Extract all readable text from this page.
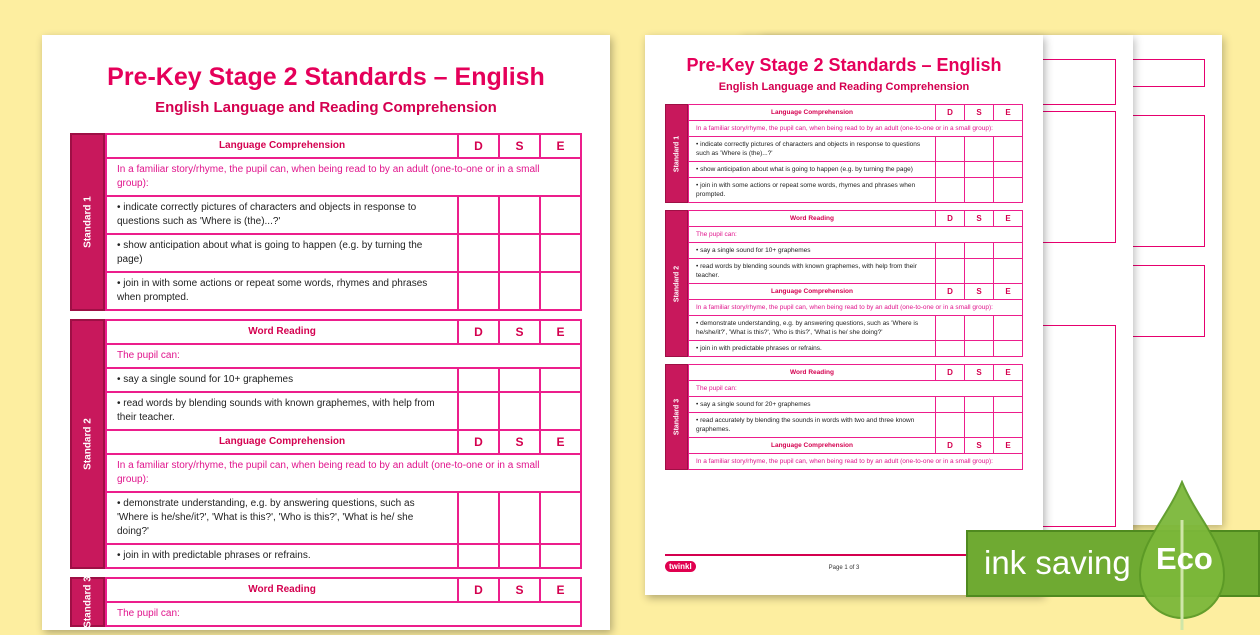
Pre-Key Stage 2 Standards – English
English Language and Reading Comprehension
Standard 1
Language Comprehension	D	S	E
In a familiar story/rhyme, the pupil can, when being read to by an adult (one-to-one or in a small group):
• indicate correctly pictures of characters and objects in response to questions such as 'Where is (the)...?'
• show anticipation about what is going to happen (e.g. by turning the page)
• join in with some actions or repeat some words, rhymes and phrases when prompted.
Standard 2
Word Reading	D	S	E
The pupil can:
• say a single sound for 10+ graphemes
• read words by blending sounds with known graphemes, with help from their teacher.
Language Comprehension	D	S	E
In a familiar story/rhyme, the pupil can, when being read to by an adult (one-to-one or in a small group):
• demonstrate understanding, e.g. by answering questions, such as 'Where is he/she/it?', 'What is this?', 'Who is this?', 'What is he/ she doing?'
• join in with predictable phrases or refrains.
Standard 3	Word Reading	D	S	E
The pupil can:
Pre-Key Stage 2 Standards – English
English Language and Reading Comprehension
Standard 1
Language Comprehension	D	S	E
In a familiar story/rhyme, the pupil can, when being read to by an adult (one-to-one or in a small group):
• indicate correctly pictures of characters and objects in response to questions such as 'Where is (the)...?'
• show anticipation about what is going to happen (e.g. by turning the page)
• join in with some actions or repeat some words, rhymes and phrases when prompted.
Standard 2
Word Reading	D	S	E
The pupil can:
• say a single sound for 10+ graphemes
• read words by blending sounds with known graphemes, with help from their teacher.
Language Comprehension	D	S	E
In a familiar story/rhyme, the pupil can, when being read to by an adult (one-to-one or in a small group):
• demonstrate understanding, e.g. by answering questions, such as 'Where is he/she/it?', 'What is this?', 'Who is this?', 'What is he/ she doing?'
• join in with predictable phrases or refrains.
Standard 3
Word Reading	D	S	E
The pupil can:
• say a single sound for 20+ graphemes
• read accurately by blending the sounds in words with two and three known graphemes.
Language Comprehension	D	S	E
In a familiar story/rhyme, the pupil can, when being read to by an adult (one-to-one or in a small group):
twinkl	Page 1 of 3	ink saving Eco
